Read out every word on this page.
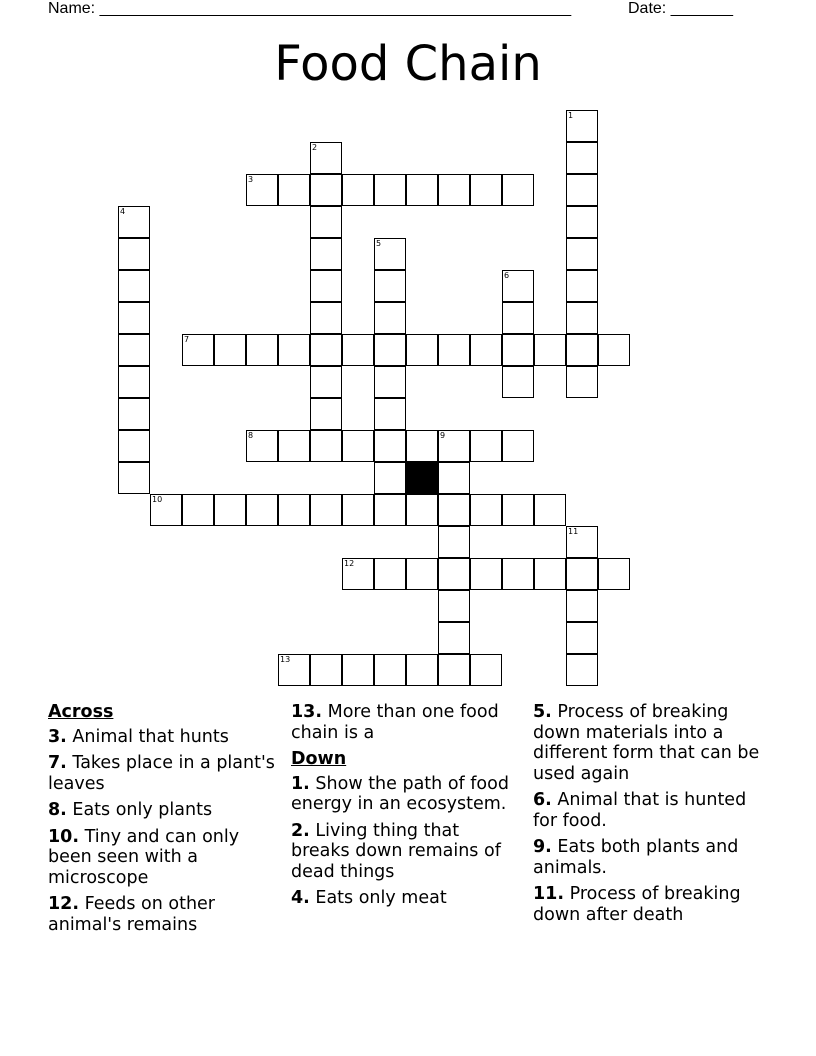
Name: _____________________________________________________	Date: _______
Food Chain
1
2
3
4
5
6
7
8	9
10
11
12
13
Across
3. Animal that hunts
7. Takes place in a plant's leaves
8. Eats only plants
10. Tiny and can only been seen with a microscope
12. Feeds on other animal's remains
13. More than one food chain is a
Down
1. Show the path of food energy in an ecosystem.
2. Living thing that breaks down remains of dead things
4. Eats only meat
5. Process of breaking down materials into a different form that can be used again
6. Animal that is hunted for food.
9. Eats both plants and animals.
11. Process of breaking down after death
